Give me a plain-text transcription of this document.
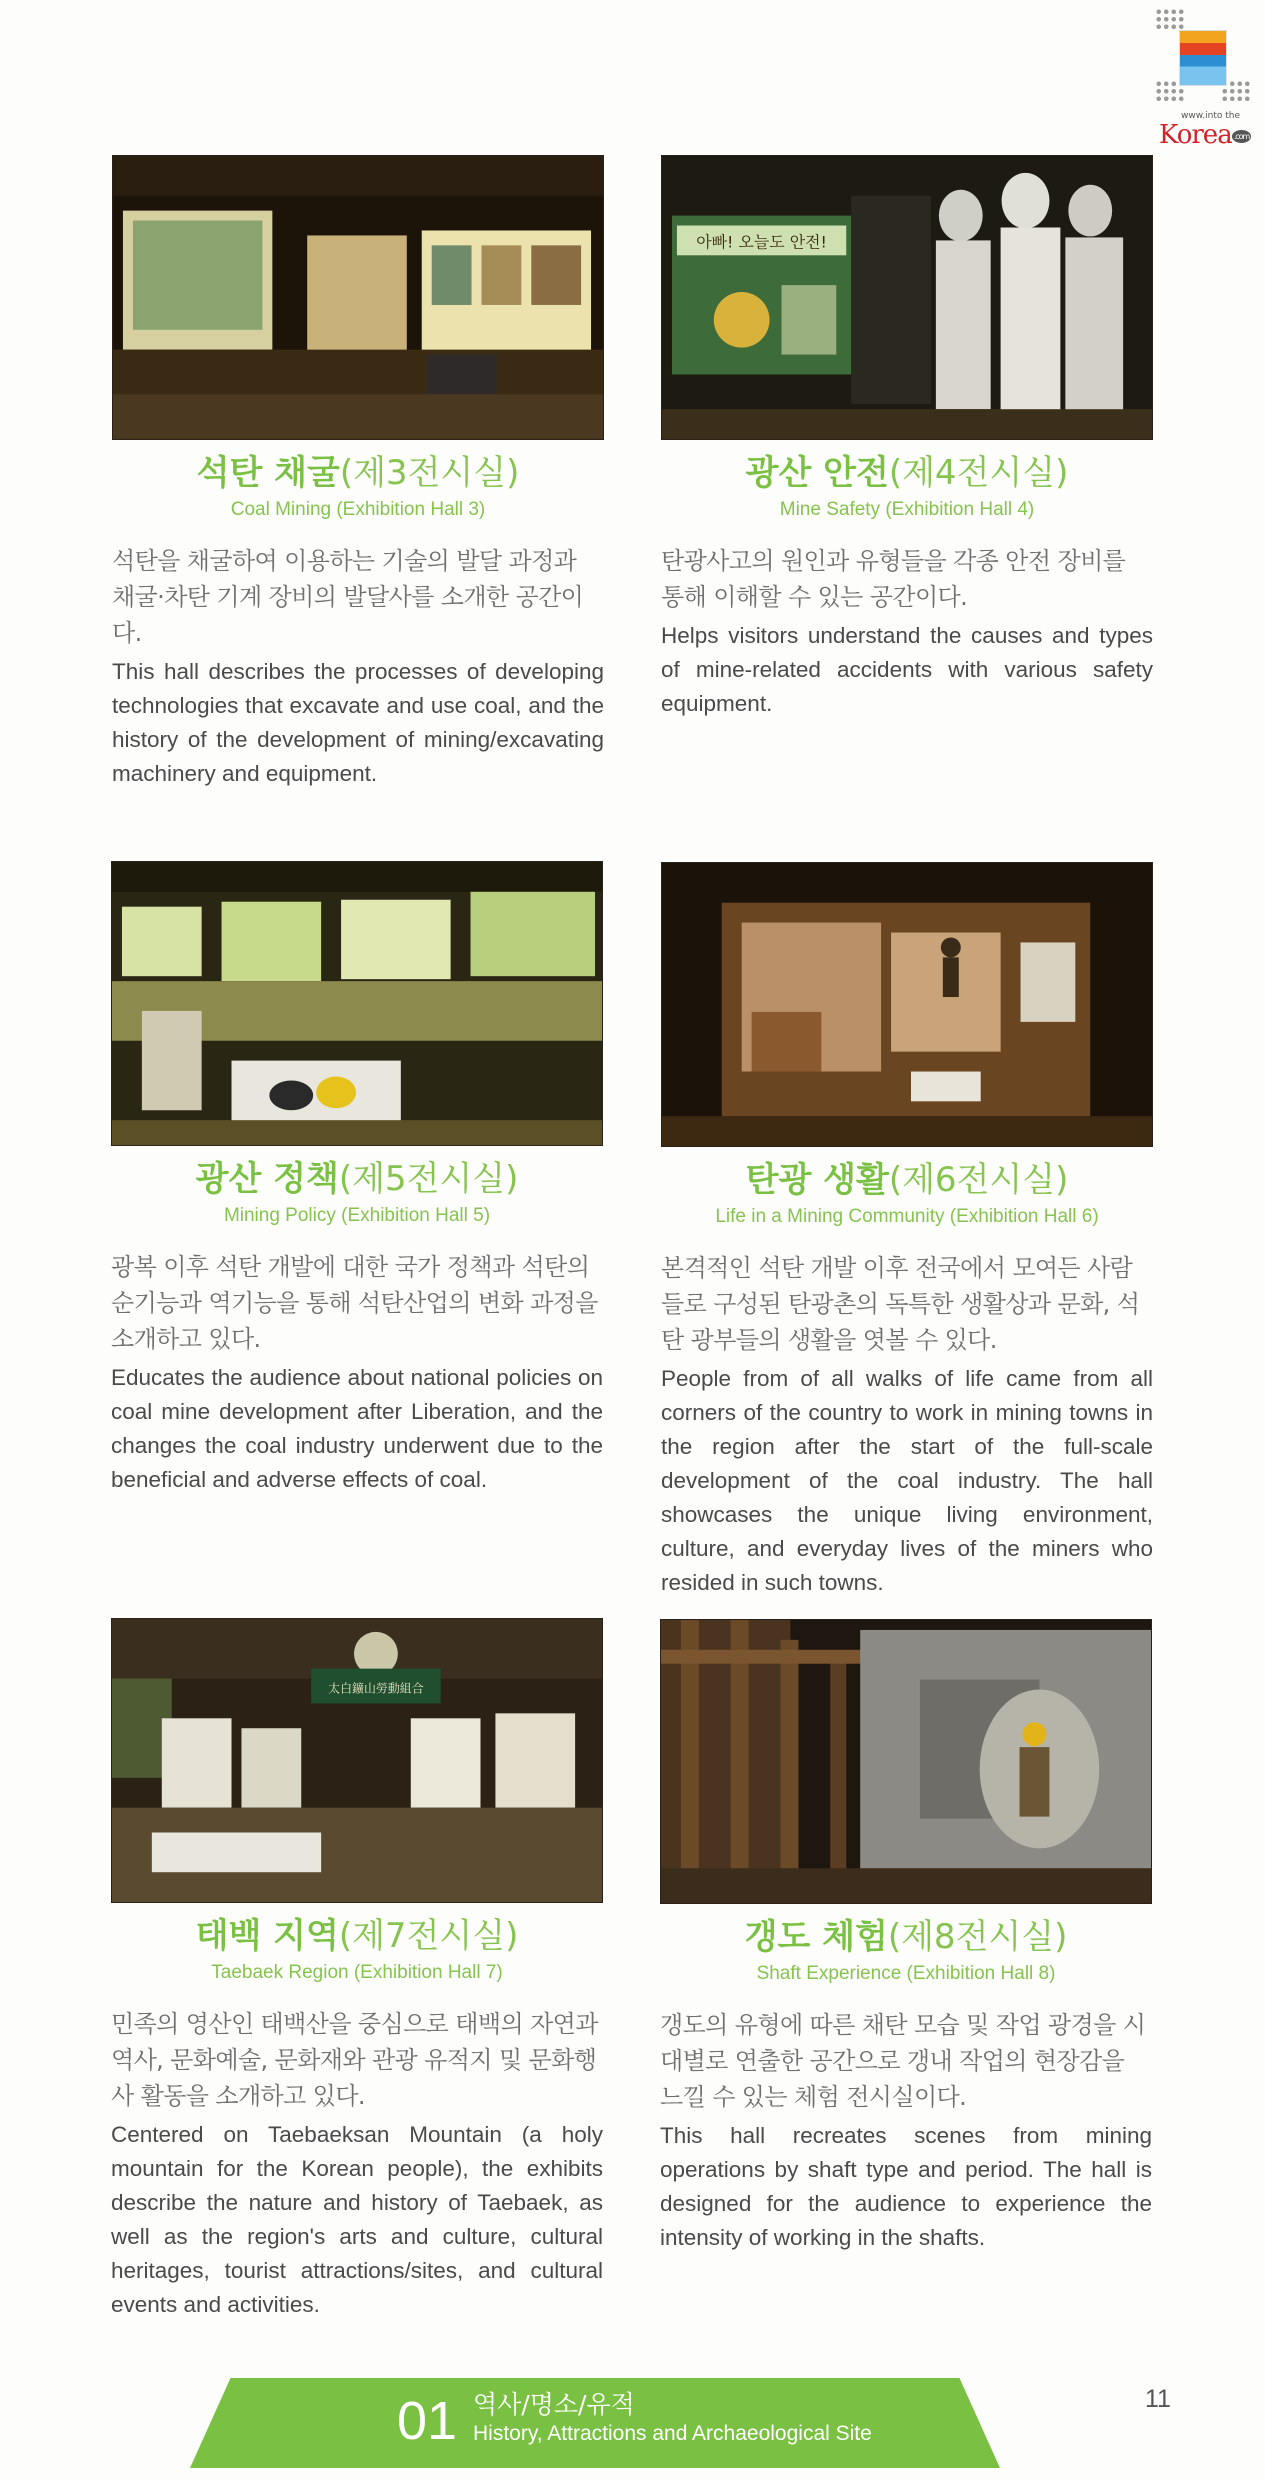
www.into the
Korea .com
석탄 채굴(제3전시실)
Coal Mining (Exhibition Hall 3)
석탄을 채굴하여 이용하는 기술의 발달 과정과 채굴·차탄 기계 장비의 발달사를 소개한 공간이다.
This hall describes the processes of developing technologies that excavate and use coal, and the history of the development of mining/excavating machinery and equipment.
아빠! 오늘도 안전!
광산 안전(제4전시실)
Mine Safety (Exhibition Hall 4)
탄광사고의 원인과 유형들을 각종 안전 장비를 통해 이해할 수 있는 공간이다.
Helps visitors understand the causes and types of mine-related accidents with various safety equipment.
광산 정책(제5전시실)
Mining Policy (Exhibition Hall 5)
광복 이후 석탄 개발에 대한 국가 정책과 석탄의 순기능과 역기능을 통해 석탄산업의 변화 과정을 소개하고 있다.
Educates the audience about national policies on coal mine development after Liberation, and the changes the coal industry underwent due to the beneficial and adverse effects of coal.
탄광 생활(제6전시실)
Life in a Mining Community (Exhibition Hall 6)
본격적인 석탄 개발 이후 전국에서 모여든 사람들로 구성된 탄광촌의 독특한 생활상과 문화, 석탄 광부들의 생활을 엿볼 수 있다.
People from of all walks of life came from all corners of the country to work in mining towns in the region after the start of the full-scale development of the coal industry. The hall showcases the unique living environment, culture, and everyday lives of the miners who resided in such towns.
太白鑛山勞動組合
태백 지역(제7전시실)
Taebaek Region (Exhibition Hall 7)
민족의 영산인 태백산을 중심으로 태백의 자연과 역사, 문화예술, 문화재와 관광 유적지 및 문화행사 활동을 소개하고 있다.
Centered on Taebaeksan Mountain (a holy mountain for the Korean people), the exhibits describe the nature and history of Taebaek, as well as the region's arts and culture, cultural heritages, tourist attractions/sites, and cultural events and activities.
갱도 체험(제8전시실)
Shaft Experience (Exhibition Hall 8)
갱도의 유형에 따른 채탄 모습 및 작업 광경을 시대별로 연출한 공간으로 갱내 작업의 현장감을 느낄 수 있는 체험 전시실이다.
This hall recreates scenes from mining operations by shaft type and period. The hall is designed for the audience to experience the intensity of working in the shafts.
01 역사/명소/유적
History, Attractions and Archaeological Site
11
